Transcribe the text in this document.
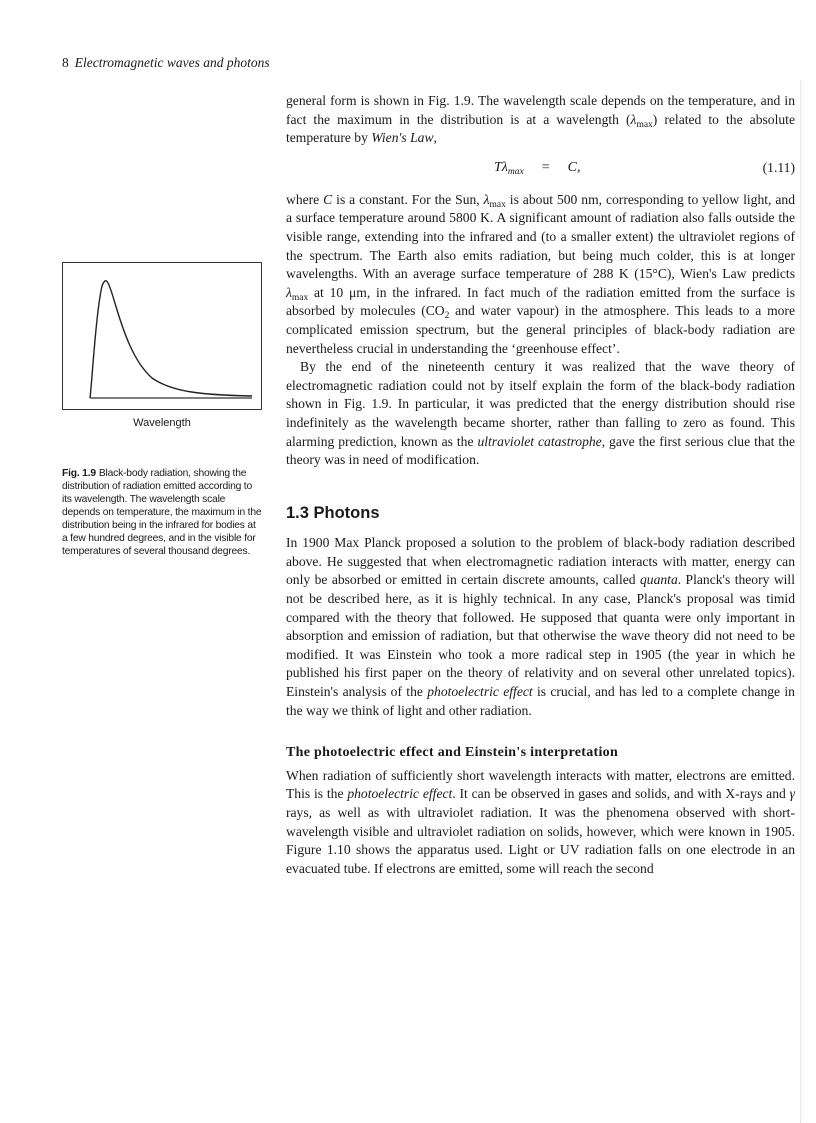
8 Electromagnetic waves and photons
Wavelength
Fig. 1.9 Black-body radiation, showing the distribution of radiation emitted according to its wavelength. The wavelength scale depends on temperature, the maximum in the distribution being in the infrared for bodies at a few hundred degrees, and in the visible for temperatures of several thousand degrees.

general form is shown in Fig. 1.9. The wavelength scale depends on the temperature, and in fact the maximum in the distribution is at a wavelength $(\lambda_{max})$ related to the absolute temperature by Wien's Law,

$T\lambda_{max} = C$,	(1.11)

where C is a constant. For the Sun, $\lambda_{max}$ is about 500 nm, corresponding to yellow light, and a surface temperature around 5800 K. A significant amount of radiation also falls outside the visible range, extending into the infrared and (to a smaller extent) the ultraviolet regions of the spectrum. The Earth also emits radiation, but being much colder, this is at longer wavelengths. With an average surface temperature of 288 K (15°C), Wien's Law predicts $\lambda_{max}$ at 10 μm, in the infrared. In fact much of the radiation emitted from the surface is absorbed by molecules ($CO_2$ and water vapour) in the atmosphere. This leads to a more complicated emission spectrum, but the general principles of black-body radiation are nevertheless crucial in understanding the ‘greenhouse effect’.

By the end of the nineteenth century it was realized that the wave theory of electromagnetic radiation could not by itself explain the form of the black-body radiation shown in Fig. 1.9. In particular, it was predicted that the energy distribution should rise indefinitely as the wavelength became shorter, rather than falling to zero as found. This alarming prediction, known as the ultraviolet catastrophe, gave the first serious clue that the theory was in need of modification.

1.3 Photons

In 1900 Max Planck proposed a solution to the problem of black-body radiation described above. He suggested that when electromagnetic radiation interacts with matter, energy can only be absorbed or emitted in certain discrete amounts, called quanta. Planck's theory will not be described here, as it is highly technical. In any case, Planck's proposal was timid compared with the theory that followed. He supposed that quanta were only important in absorption and emission of radiation, but that otherwise the wave theory did not need to be modified. It was Einstein who took a more radical step in 1905 (the year in which he published his first paper on the theory of relativity and on several other unrelated topics). Einstein's analysis of the photoelectric effect is crucial, and has led to a complete change in the way we think of light and other radiation.

The photoelectric effect and Einstein's interpretation

When radiation of sufficiently short wavelength interacts with matter, electrons are emitted. This is the photoelectric effect. It can be observed in gases and solids, and with X-rays and γ rays, as well as with ultraviolet radiation. It was the phenomena observed with short-wavelength visible and ultraviolet radiation on solids, however, which were known in 1905. Figure 1.10 shows the apparatus used. Light or UV radiation falls on one electrode in an evacuated tube. If electrons are emitted, some will reach the second
